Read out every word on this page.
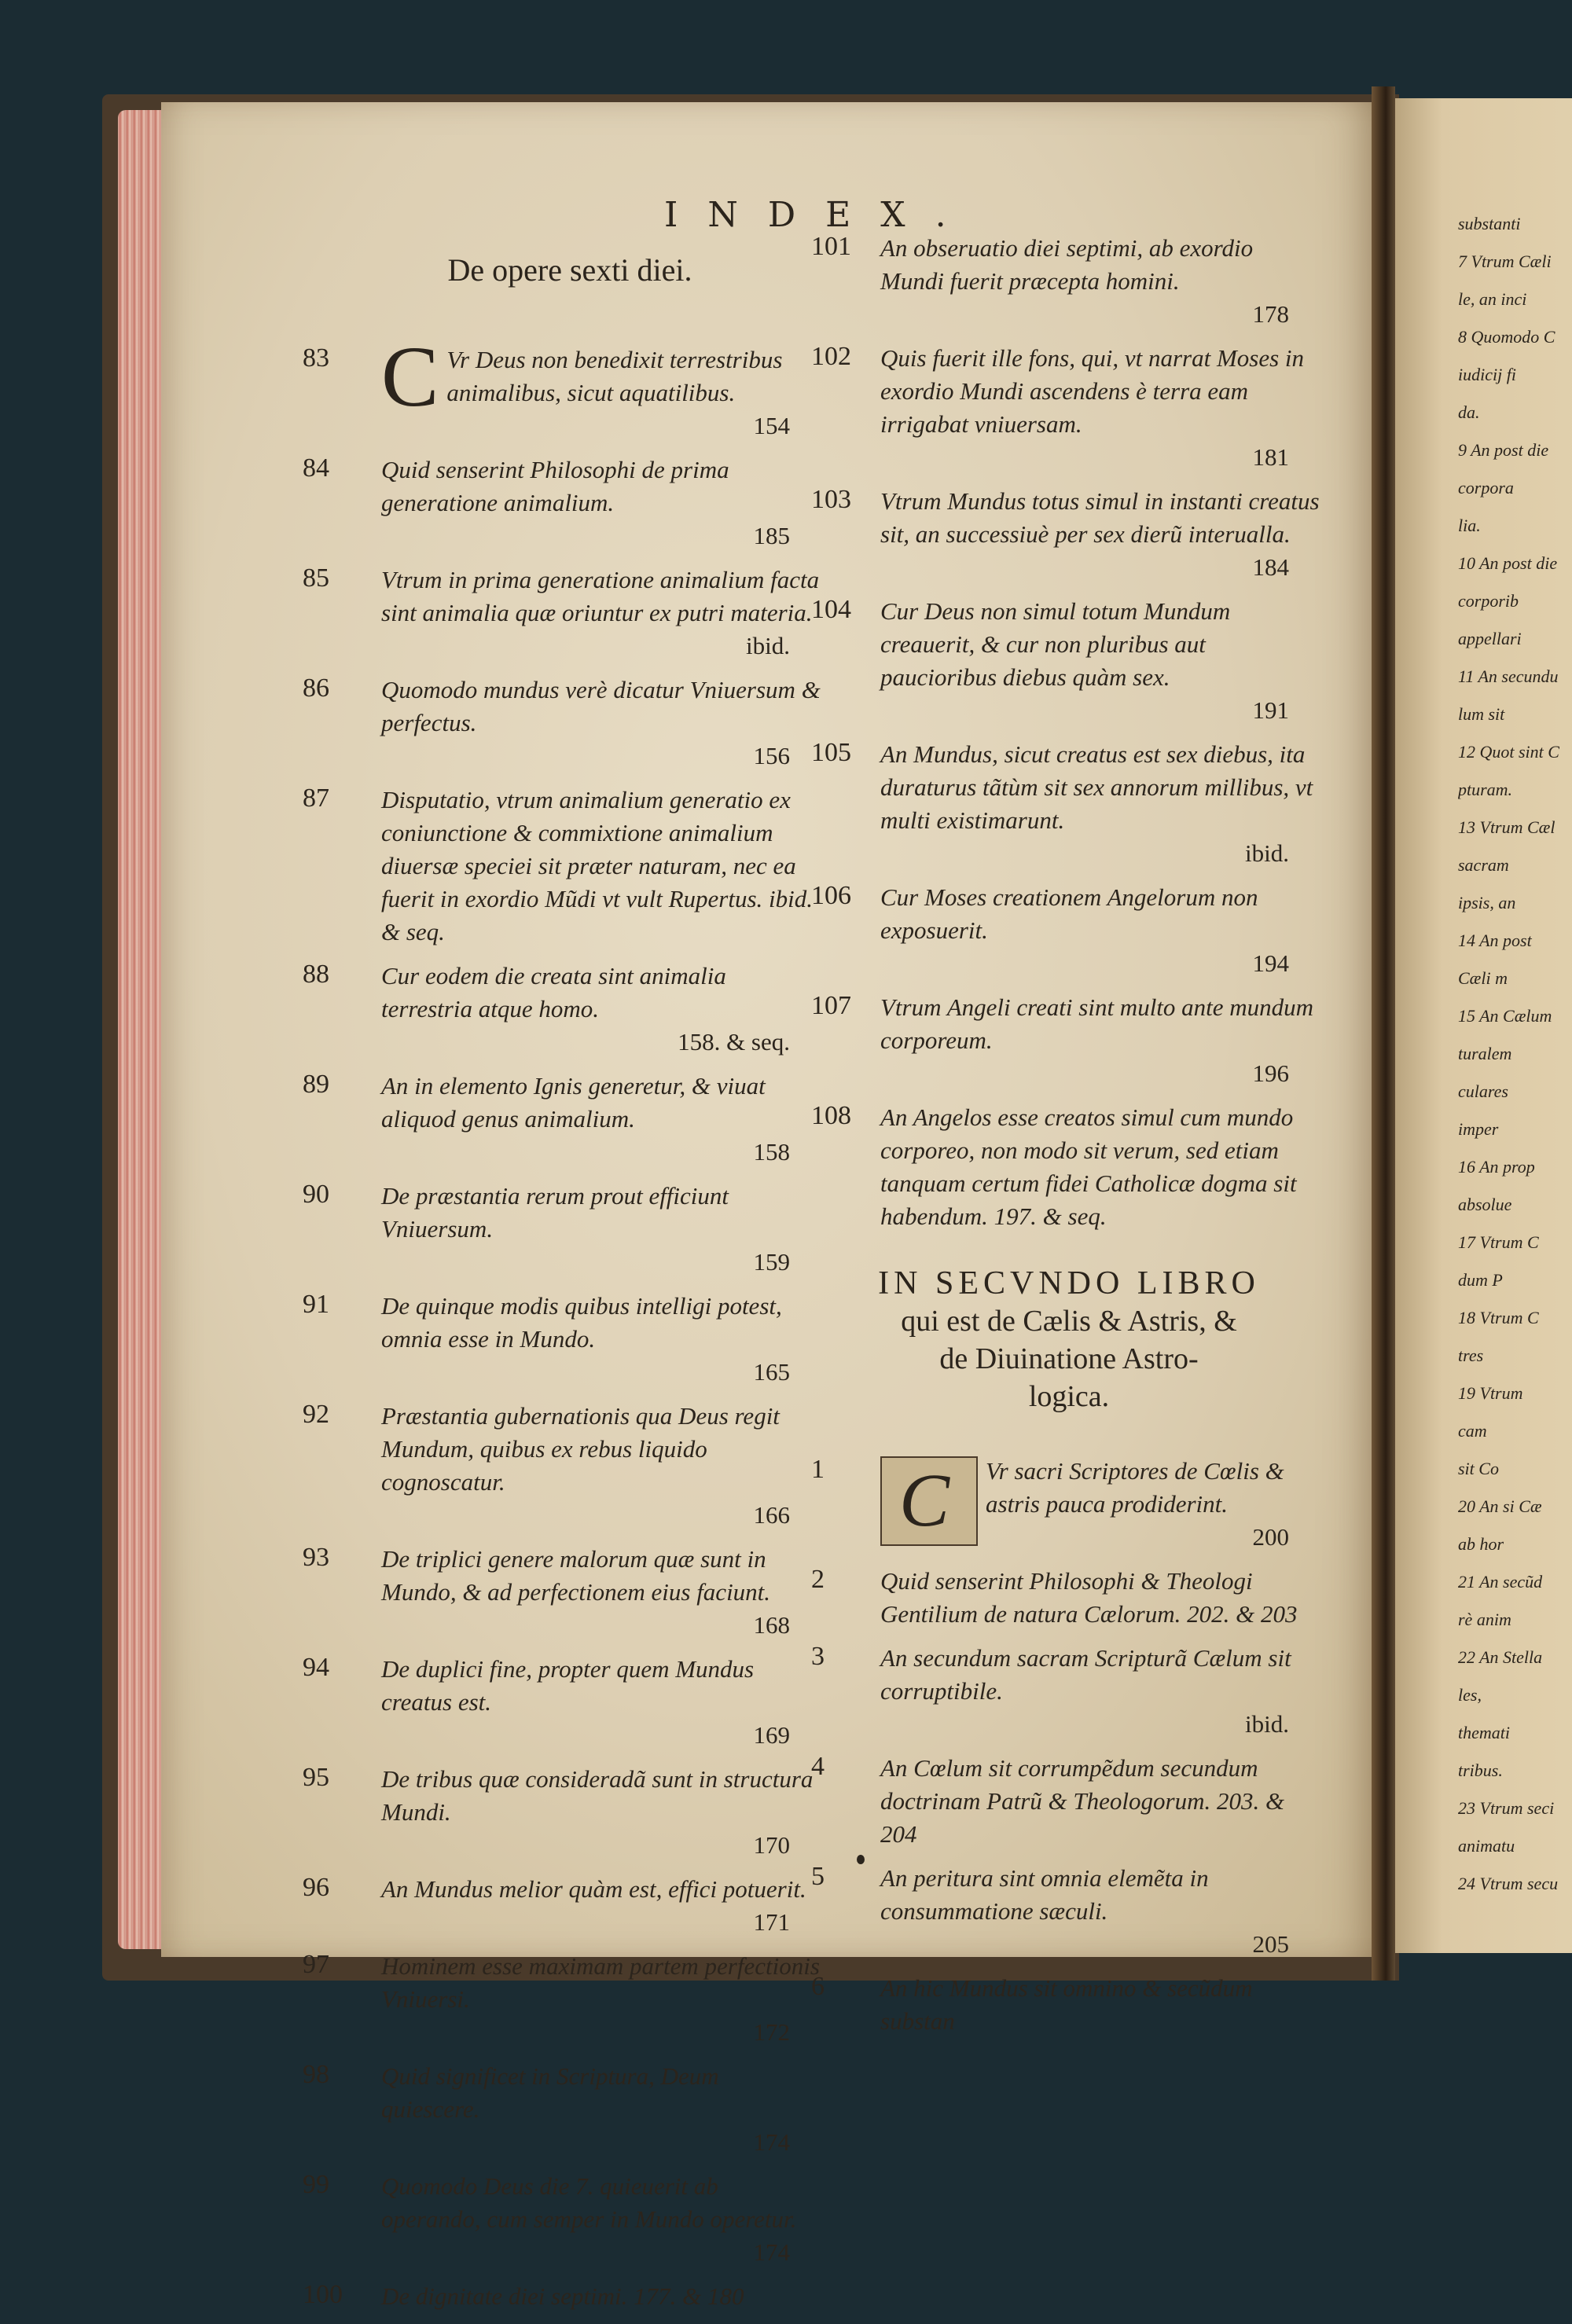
INDEX.
De opere sexti diei.
83 C Vr Deus non benedixit terrestribus animalibus, sicut aquatilibus.
154
84	Quid senserint Philosophi de prima generatione animalium.
185
85	Vtrum in prima generatione animalium facta sint animalia quæ oriuntur ex putri materia.
ibid.
86	Quomodo mundus verè dicatur Vniuersum & perfectus.
156
87	Disputatio, vtrum animalium generatio ex coniunctione & commixtione animalium diuersæ speciei sit præter naturam, nec ea fuerit in exordio Mũdi vt vult Rupertus. ibid. & seq.
88	Cur eodem die creata sint animalia terrestria atque homo.
158. & seq.
89	An in elemento Ignis generetur, & viuat aliquod genus animalium.
158
90	De præstantia rerum prout efficiunt Vniuersum.
159
91	De quinque modis quibus intelligi potest, omnia esse in Mundo.
165
92	Præstantia gubernationis qua Deus regit Mundum, quibus ex rebus liquido cognoscatur.
166
93	De triplici genere malorum quæ sunt in Mundo, & ad perfectionem eius faciunt.
168
94	De duplici fine, propter quem Mundus creatus est.
169
95	De tribus quæ consideradã sunt in structura Mundi.
170
96	An Mundus melior quàm est, effici potuerit.
171
97	Hominem esse maximam partem perfectionis Vniuersi.
172
98	Quid significet in Scriptura, Deum quiescere.
174
99	Quomodo Deus die 7. quieuerit ab operando, cum semper in Mundo operetur.
174
100	De dignitate diei septimi. 177. & 180
101	An obseruatio diei septimi, ab exordio Mundi fuerit præcepta homini.
178
102	Quis fuerit ille fons, qui, vt narrat Moses in exordio Mundi ascendens è terra eam irrigabat vniuersam.
181
103	Vtrum Mundus totus simul in instanti creatus sit, an successiuè per sex dierũ interualla.
184
104	Cur Deus non simul totum Mundum creauerit, & cur non pluribus aut paucioribus diebus quàm sex.
191
105	An Mundus, sicut creatus est sex diebus, ita duraturus tãtùm sit sex annorum millibus, vt multi existimarunt.
ibid.
106	Cur Moses creationem Angelorum non exposuerit.
194
107	Vtrum Angeli creati sint multo ante mundum corporeum.
196
108	An Angelos esse creatos simul cum mundo corporeo, non modo sit verum, sed etiam tanquam certum fidei Catholicæ dogma sit habendum. 197. & seq.
IN SECVNDO LIBRO
qui est de Cælis & Astris, &
de Diuinatione Astro-
logica.
1 C Vr sacri Scriptores de Cœlis & astris pauca prodiderint.
200
2	Quid senserint Philosophi & Theologi Gentilium de natura Cælorum. 202. & 203
3	An secundum sacram Scripturã Cælum sit corruptibile.
ibid.
4	An Cœlum sit corrumpẽdum secundum doctrinam Patrũ & Theologorum. 203. & 204
5	An peritura sint omnia elemẽta in consummatione sæculi.
205
6	An hic Mundus sit omnino & secũdum substan
substanti
7 Vtrum Cæli
le, an inci
8 Quomodo C
iudicij fi
da.
9 An post die
corpora
lia.
10 An post die
corporib
appellari
11 An secundu
lum sit
12 Quot sint C
pturam.
13 Vtrum Cæl
sacram
ipsis, an
14 An post
Cæli m
15 An Cælum
turalem
culares
imper
16 An prop
absolue
17 Vtrum C
dum P
18 Vtrum C
tres
19 Vtrum
cam
sit Co
20 An si Cæ
ab hor
21 An secũd
rè anim
22 An Stella
les,
themati
tribus.
23 Vtrum seci
animatu
24 Vtrum secu
